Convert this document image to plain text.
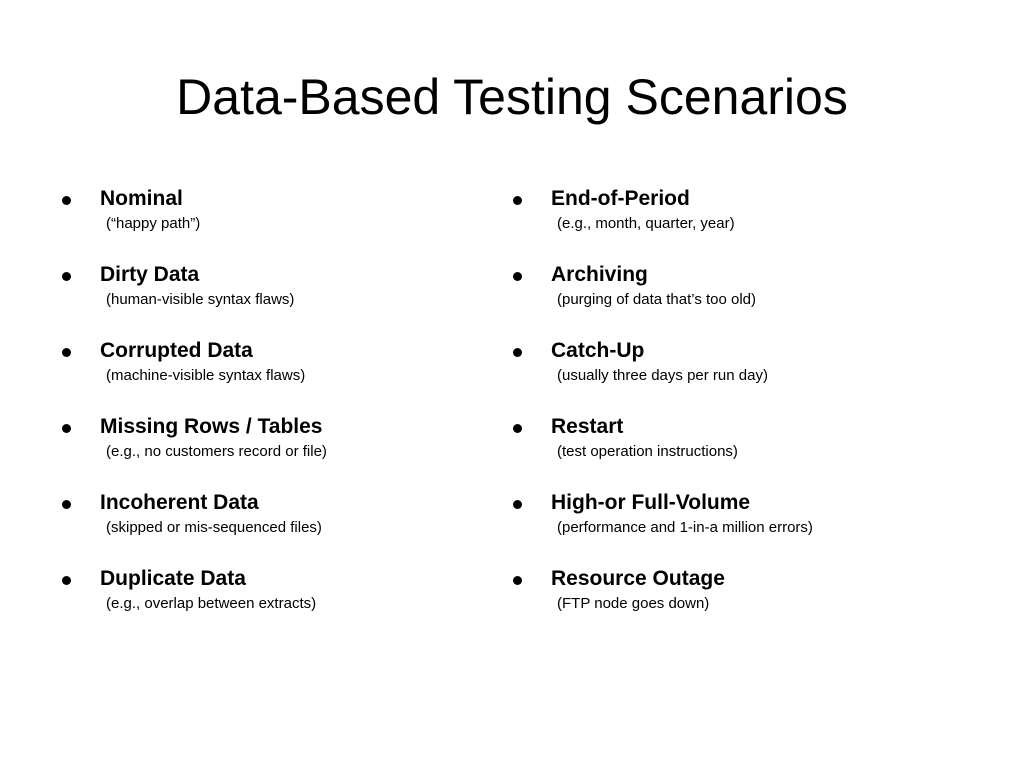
Data-Based Testing Scenarios
Nominal
(“happy path”)
Dirty Data
(human-visible syntax flaws)
Corrupted Data
(machine-visible syntax flaws)
Missing Rows / Tables
(e.g., no customers record or file)
Incoherent Data
(skipped or mis-sequenced files)
Duplicate Data
(e.g., overlap between extracts)
End-of-Period
(e.g., month, quarter, year)
Archiving
(purging of data that’s too old)
Catch-Up
(usually three days per run day)
Restart
(test operation instructions)
High-or Full-Volume
(performance and 1-in-a million errors)
Resource Outage
(FTP node goes down)
